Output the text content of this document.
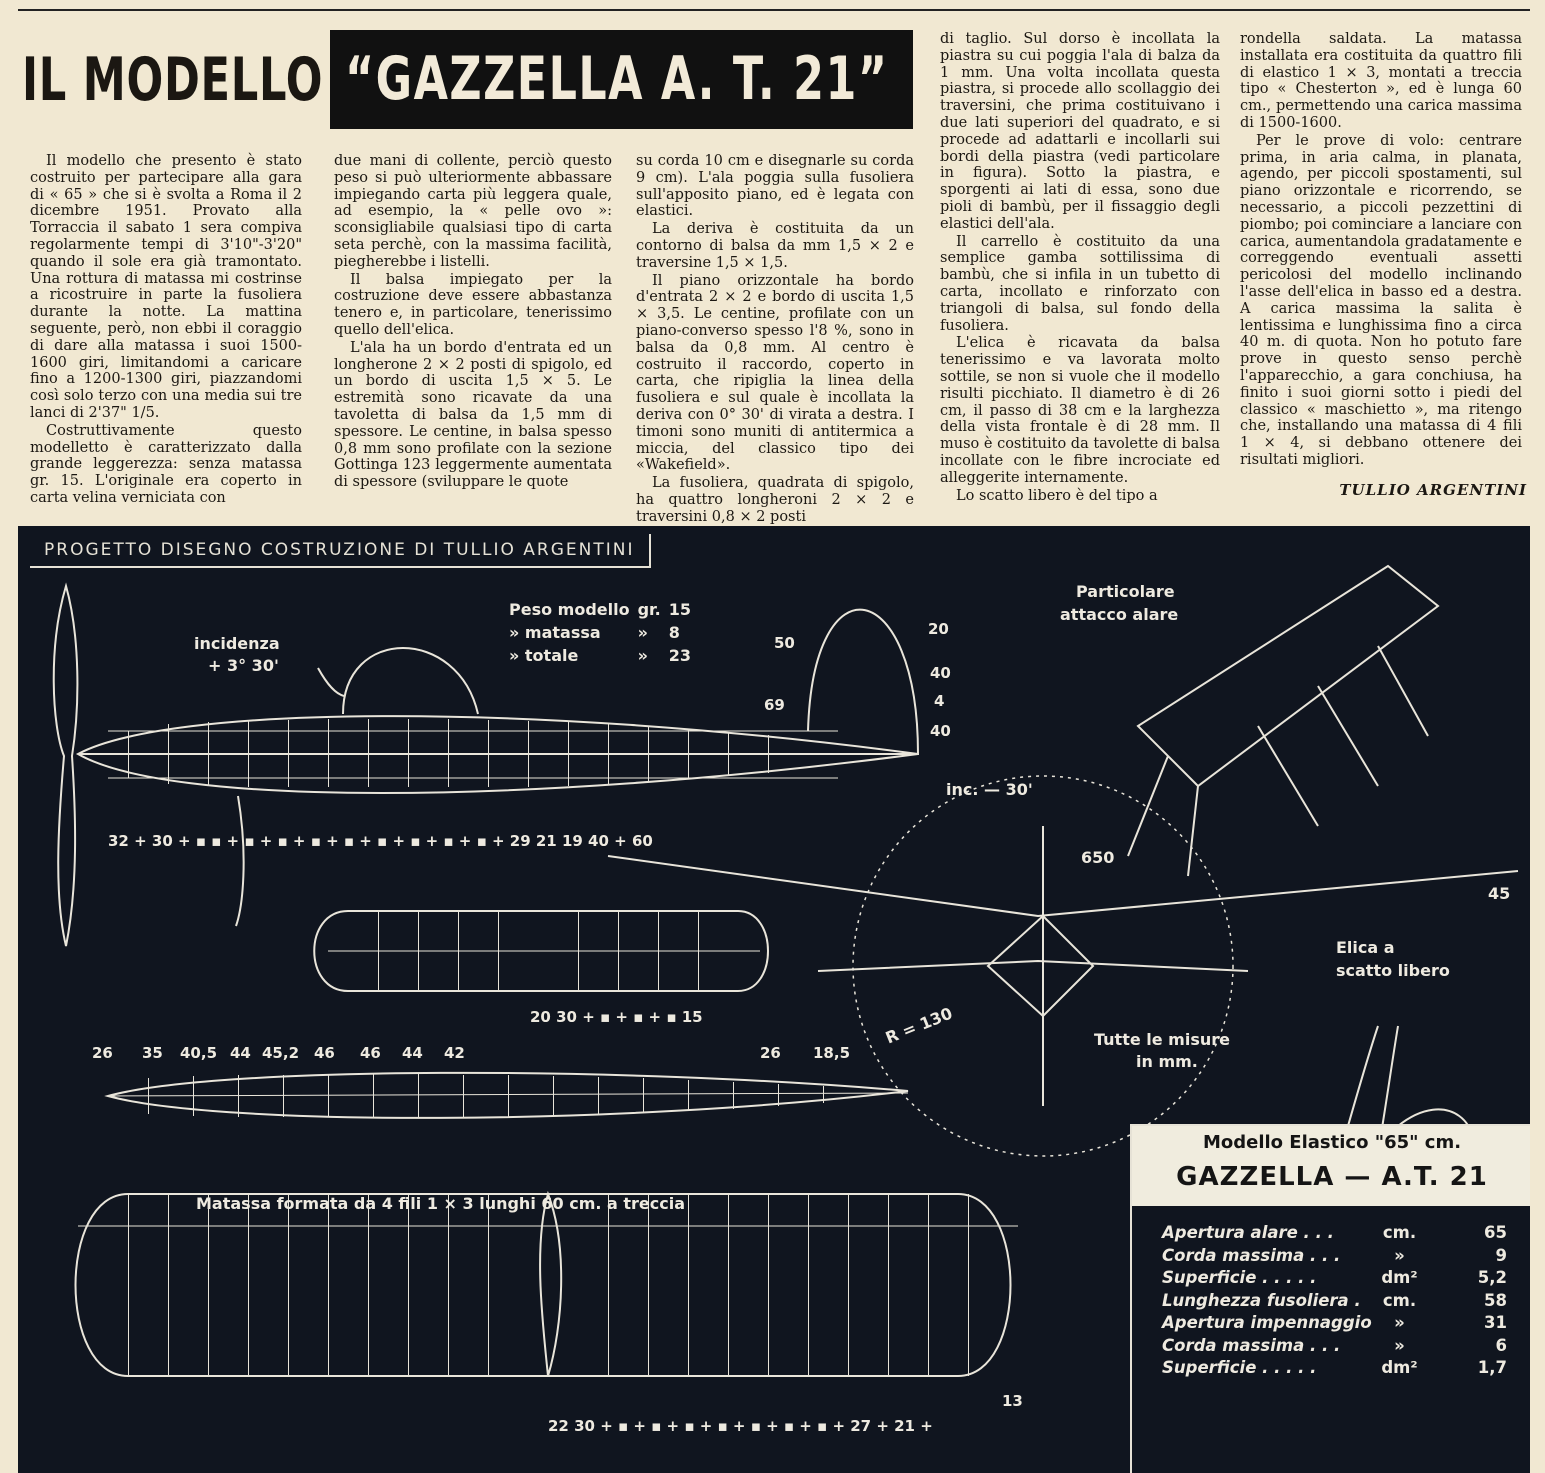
IL MODELLO “GAZZELLA A. T. 21”

Il modello che presento è stato costruito per partecipare alla gara di « 65 » che si è svolta a Roma il 2 dicembre 1951. Provato alla Torraccia il sabato 1 sera compiva regolarmente tempi di 3'10"-3'20" quando il sole era già tramontato. Una rottura di matassa mi costrinse a ricostruire in parte la fusoliera durante la notte. La mattina seguente, però, non ebbi il coraggio di dare alla matassa i suoi 1500-1600 giri, limitandomi a caricare fino a 1200-1300 giri, piazzandomi così solo terzo con una media sui tre lanci di 2'37" 1/5.

Costruttivamente questo modelletto è caratterizzato dalla grande leggerezza: senza matassa gr. 15. L'originale era coperto in carta velina verniciata con

due mani di collente, perciò questo peso si può ulteriormente abbassare impiegando carta più leggera quale, ad esempio, la « pelle ovo »: sconsigliabile qualsiasi tipo di carta seta perchè, con la massima facilità, piegherebbe i listelli.

Il balsa impiegato per la costruzione deve essere abbastanza tenero e, in particolare, tenerissimo quello dell'elica.

L'ala ha un bordo d'entrata ed un longherone 2 × 2 posti di spigolo, ed un bordo di uscita 1,5 × 5. Le estremità sono ricavate da una tavoletta di balsa da 1,5 mm di spessore. Le centine, in balsa spesso 0,8 mm sono profilate con la sezione Gottinga 123 leggermente aumentata di spessore (sviluppare le quote

su corda 10 cm e disegnarle su corda 9 cm). L'ala poggia sulla fusoliera sull'apposito piano, ed è legata con elastici.

La deriva è costituita da un contorno di balsa da mm 1,5 × 2 e traversine 1,5 × 1,5.

Il piano orizzontale ha bordo d'entrata 2 × 2 e bordo di uscita 1,5 × 3,5. Le centine, profilate con un piano-converso spesso l'8 %, sono in balsa da 0,8 mm. Al centro è costruito il raccordo, coperto in carta, che ripiglia la linea della fusoliera e sul quale è incollata la deriva con 0° 30' di virata a destra. I timoni sono muniti di antitermica a miccia, del classico tipo dei «Wakefield».

La fusoliera, quadrata di spigolo, ha quattro longheroni 2 × 2 e traversini 0,8 × 2 posti

di taglio. Sul dorso è incollata la piastra su cui poggia l'ala di balza da 1 mm. Una volta incollata questa piastra, si procede allo scollaggio dei traversini, che prima costituivano i due lati superiori del quadrato, e si procede ad adattarli e incollarli sui bordi della piastra (vedi particolare in figura). Sotto la piastra, e sporgenti ai lati di essa, sono due pioli di bambù, per il fissaggio degli elastici dell'ala.

Il carrello è costituito da una semplice gamba sottilissima di bambù, che si infila in un tubetto di carta, incollato e rinforzato con triangoli di balsa, sul fondo della fusoliera.

L'elica è ricavata da balsa tenerissimo e va lavorata molto sottile, se non si vuole che il modello risulti picchiato. Il diametro è di 26 cm, il passo di 38 cm e la larghezza della vista frontale è di 28 mm. Il muso è costituito da tavolette di balsa incollate con le fibre incrociate ed alleggerite internamente.

Lo scatto libero è del tipo a

rondella saldata. La matassa installata era costituita da quattro fili di elastico 1 × 3, montati a treccia tipo « Chesterton », ed è lunga 60 cm., permettendo una carica massima di 1500-1600.

Per le prove di volo: centrare prima, in aria calma, in planata, agendo, per piccoli spostamenti, sul piano orizzontale e ricorrendo, se necessario, a piccoli pezzettini di piombo; poi cominciare a lanciare con carica, aumentandola gradatamente e correggendo eventuali assetti pericolosi del modello inclinando l'asse dell'elica in basso ed a destra. A carica massima la salita è lentissima e lunghissima fino a circa 40 m. di quota. Non ho potuto fare prove in questo senso perchè l'apparecchio, a gara conchiusa, ha finito i suoi giorni sotto i piedi del classico « maschietto », ma ritengo che, installando una matassa di 4 fili 1 × 4, si debbano ottenere dei risultati migliori.

TULLIO ARGENTINI
PROGETTO DISEGNO COSTRUZIONE DI TULLIO ARGENTINI
Peso modello	gr.	15
» matassa	»	8
» totale	»	23
incidenza
+ 3° 30'
Particolare
attacco alare
inc. — 30'
650
45
Elica a
scatto libero
R = 130	Tutte le misure
in mm.
Matassa formata da 4 fili 1 × 3 lunghi 60 cm. a treccia
50
69
20
40
4
40
13
32 + 30 + ▪ ▪ + ▪ + ▪ + ▪ + ▪ + ▪ + ▪ + ▪ + ▪ + 29 21 19 40 + 60
20 30 + ▪ + ▪ + ▪ 15
22 30 + ▪ + ▪ + ▪ + ▪ + ▪ + ▪ + ▪ + 27 + 21 +
26 35 40,5 44 45,2 46 46 44 42	26 18,5
Modello Elastico "65" cm.
GAZZELLA — A.T. 21
Apertura alare . . .	cm.	65
Corda massima . . .	»	9
Superficie . . . . .	dm²	5,2
Lunghezza fusoliera .	cm.	58
Apertura impennaggio	»	31
Corda massima . . .	»	6
Superficie . . . . .	dm²	1,7
